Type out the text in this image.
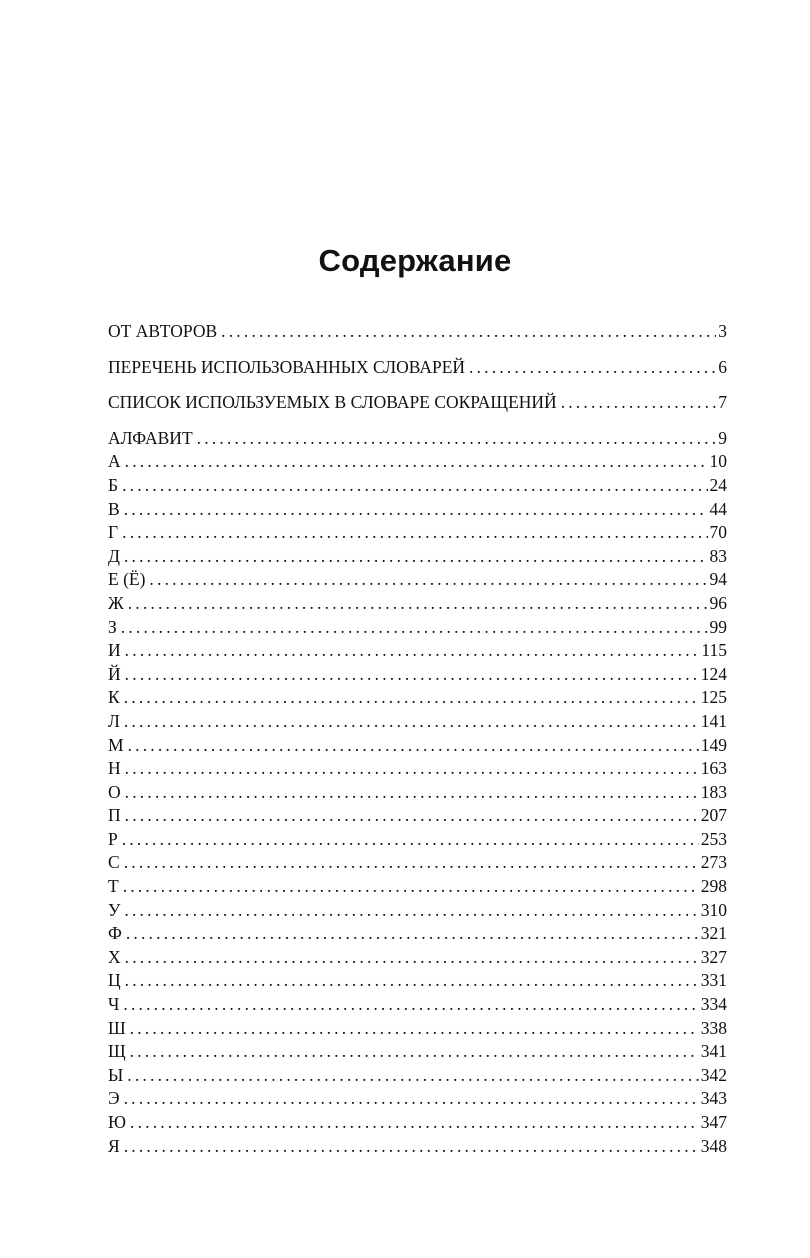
Содержание
ОТ АВТОРОВ .....	3
ПЕРЕЧЕНЬ ИСПОЛЬЗОВАННЫХ СЛОВАРЕЙ .....	6
СПИСОК ИСПОЛЬЗУЕМЫХ В СЛОВАРЕ СОКРАЩЕНИЙ .....	7
АЛФАВИТ .....	9
А .....	10
Б .....	24
В .....	44
Г .....	70
Д .....	83
Е (Ё) .....	94
Ж .....	96
З .....	99
И .....	115
Й .....	124
К .....	125
Л .....	141
М .....	149
Н .....	163
О .....	183
П .....	207
Р .....	253
С .....	273
Т .....	298
У .....	310
Ф .....	321
Х .....	327
Ц .....	331
Ч .....	334
Ш .....	338
Щ .....	341
Ы .....	342
Э .....	343
Ю .....	347
Я .....	348
